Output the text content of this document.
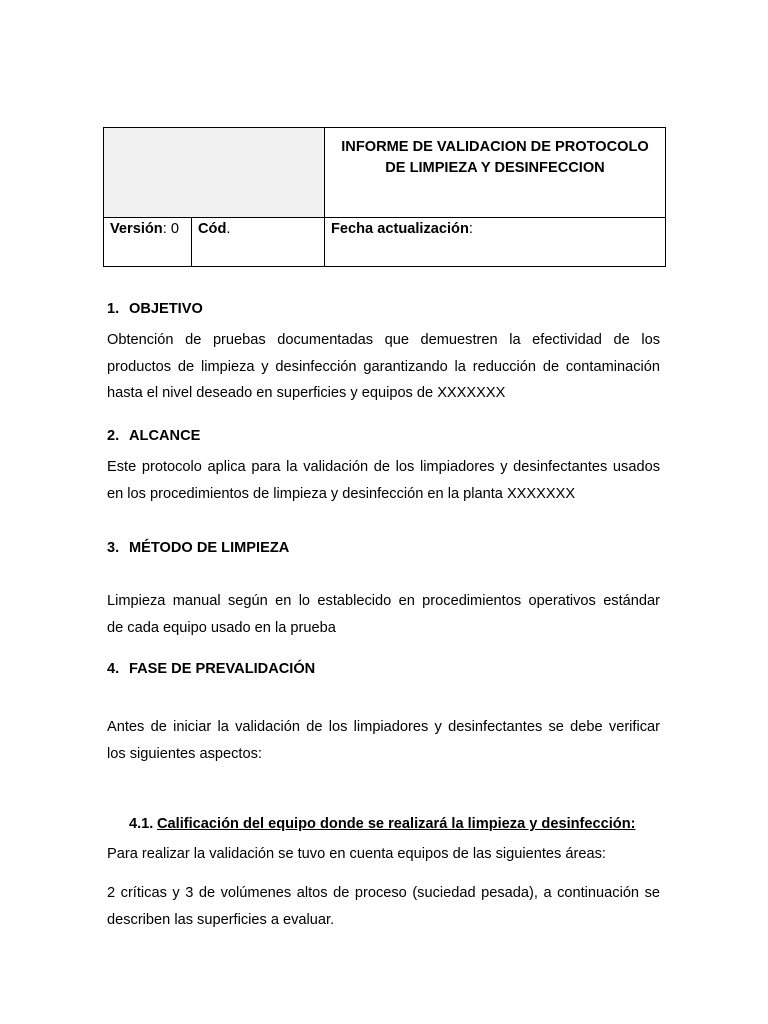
INFORME DE VALIDACION DE PROTOCOLO
DE LIMPIEZA Y DESINFECCION
Versión: 0	Cód.	Fecha actualización:
1. OBJETIVO
Obtención de pruebas documentadas que demuestren la efectividad de los
productos de limpieza y desinfección garantizando la reducción de contaminación
hasta el nivel deseado en superficies y equipos de XXXXXXX
2. ALCANCE
Este protocolo aplica para la validación de los limpiadores y desinfectantes usados
en los procedimientos de limpieza y desinfección en la planta XXXXXXX
3. MÉTODO DE LIMPIEZA
Limpieza manual según en lo establecido en procedimientos operativos estándar
de cada equipo usado en la prueba
4. FASE DE PREVALIDACIÓN
Antes de iniciar la validación de los limpiadores y desinfectantes se debe verificar
los siguientes aspectos:
4.1. Calificación del equipo donde se realizará la limpieza y desinfección:
Para realizar la validación se tuvo en cuenta equipos de las siguientes áreas:
2 críticas y 3 de volúmenes altos de proceso (suciedad pesada), a continuación se
describen las superficies a evaluar.
